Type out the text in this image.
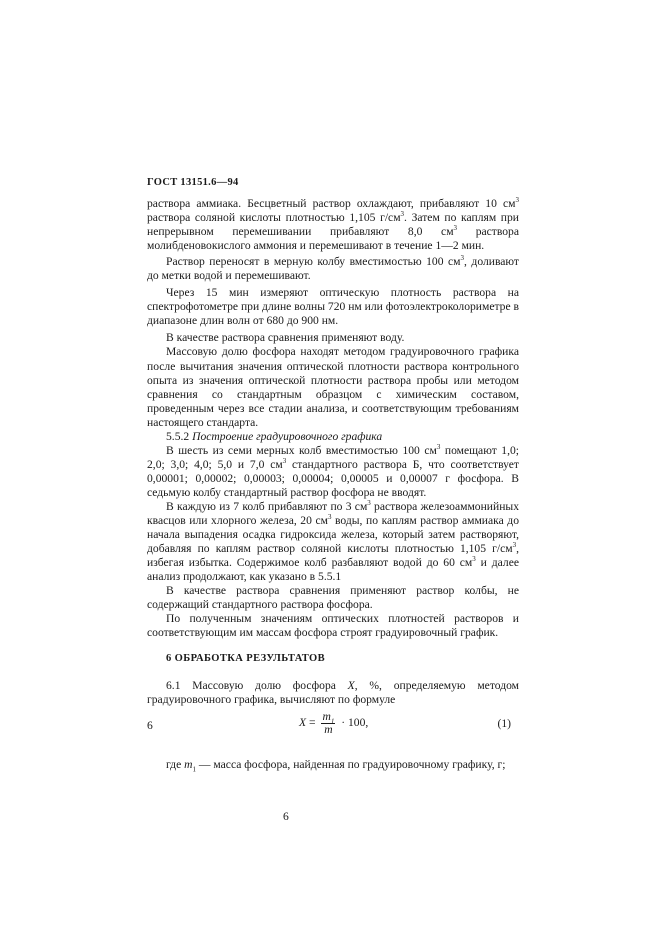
ГОСТ 13151.6—94

раствора аммиака. Бесцветный раствор охлаждают, прибавляют 10 $см^3$ раствора соляной кислоты плотностью 1,105 $г/см^3$. Затем по каплям при непрерывном перемешивании прибавляют 8,0 $см^3$ раствора молибденовокислого аммония и перемешивают в течение 1—2 мин.

Раствор переносят в мерную колбу вместимостью 100 $см^3$, доливают до метки водой и перемешивают.

Через 15 мин измеряют оптическую плотность раствора на спектрофотометре при длине волны 720 нм или фотоэлектроколориметре в диапазоне длин волн от 680 до 900 нм.

В качестве раствора сравнения применяют воду.

Массовую долю фосфора находят методом градуировочного графика после вычитания значения оптической плотности раствора контрольного опыта из значения оптической плотности раствора пробы или методом сравнения со стандартным образцом с химическим составом, проведенным через все стадии анализа, и соответствующим требованиям настоящего стандарта.

5.5.2 Построение градуировочного графика

В шесть из семи мерных колб вместимостью 100 $см^3$ помещают 1,0; 2,0; 3,0; 4,0; 5,0 и 7,0 $см^3$ стандартного раствора Б, что соответствует 0,00001; 0,00002; 0,00003; 0,00004; 0,00005 и 0,00007 г фосфора. В седьмую колбу стандартный раствор фосфора не вводят.

В каждую из 7 колб прибавляют по 3 $см^3$ раствора железоаммонийных квасцов или хлорного железа, 20 $см^3$ воды, по каплям раствор аммиака до начала выпадения осадка гидроксида железа, который затем растворяют, добавляя по каплям раствор соляной кислоты плотностью 1,105 $г/см^3$, избегая избытка. Содержимое колб разбавляют водой до 60 $см^3$ и далее анализ продолжают, как указано в 5.5.1

В качестве раствора сравнения применяют раствор колбы, не содержащий стандартного раствора фосфора.

По полученным значениям оптических плотностей растворов и соответствующим им массам фосфора строят градуировочный график.

6 ОБРАБОТКА РЕЗУЛЬТАТОВ

6.1 Массовую долю фосфора X, %, определяемую методом градуировочного графика, вычисляют по формуле

$X = \frac{m_1}{m} \cdot 100$,	(1)

где $m_1$ — масса фосфора, найденная по градуировочному графику, г;

6
6
